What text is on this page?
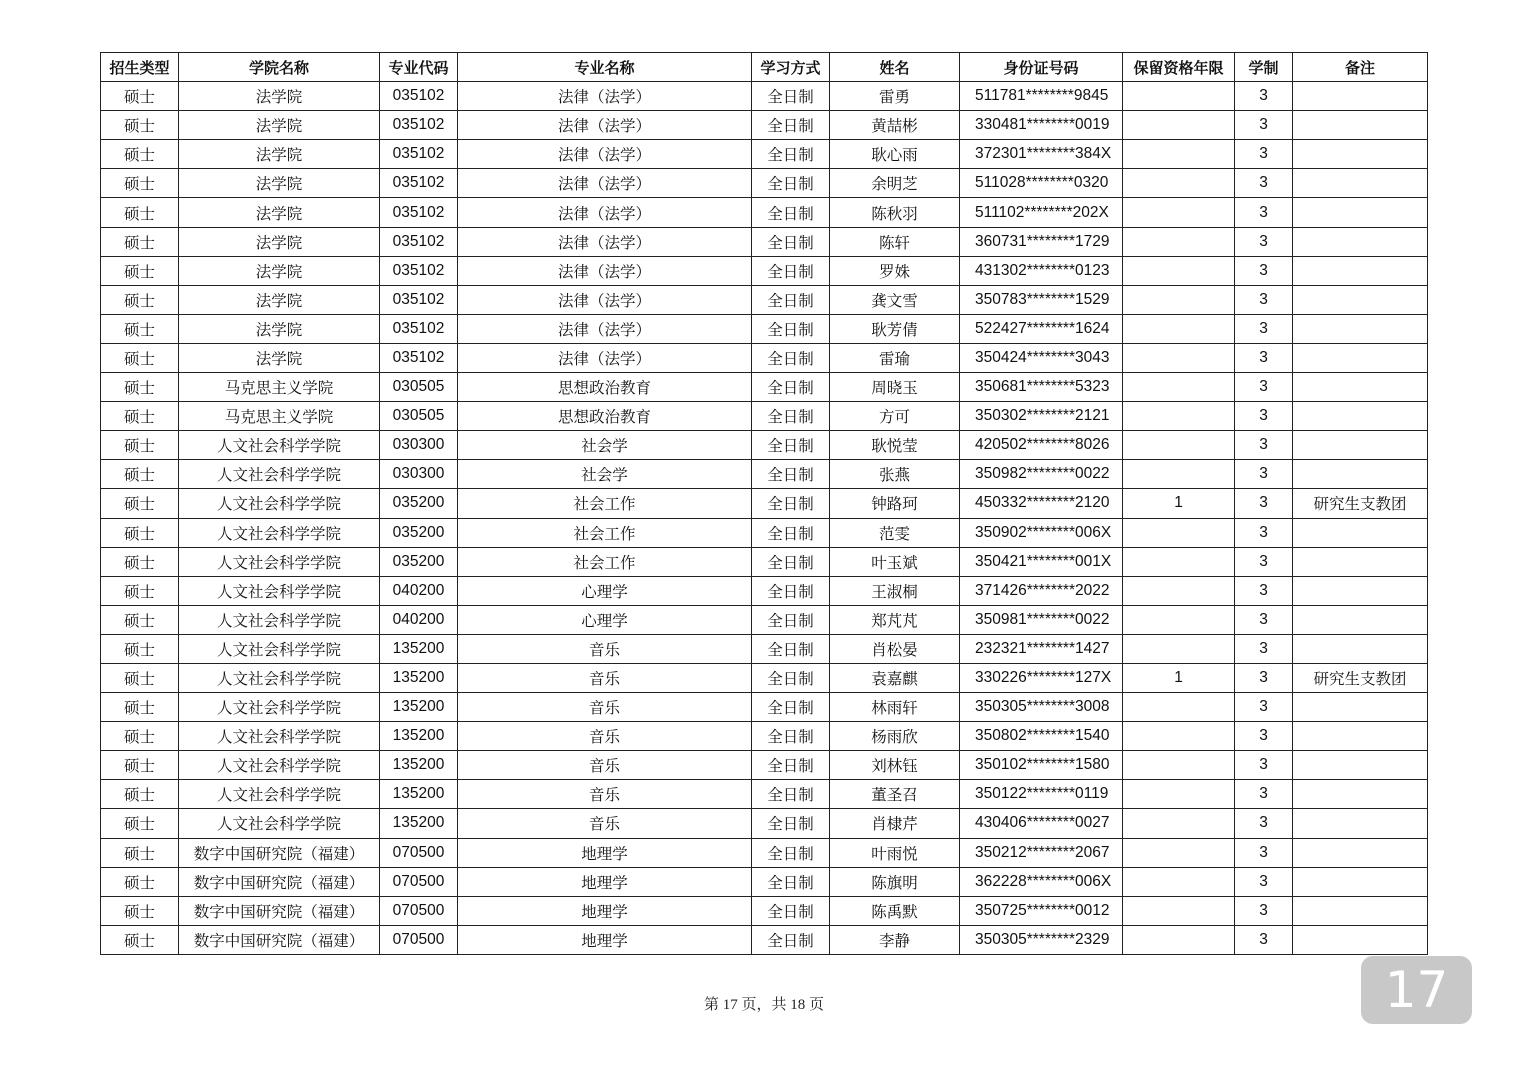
招生类型	学院名称	专业代码	专业名称	学习方式	姓名	身份证号码	保留资格年限	学制	备注
硕士	法学院	035102	法律（法学）	全日制	雷勇	511781********9845		3	
硕士	法学院	035102	法律（法学）	全日制	黄喆彬	330481********0019		3	
硕士	法学院	035102	法律（法学）	全日制	耿心雨	372301********384X		3	
硕士	法学院	035102	法律（法学）	全日制	余明芝	511028********0320		3	
硕士	法学院	035102	法律（法学）	全日制	陈秋羽	511102********202X		3	
硕士	法学院	035102	法律（法学）	全日制	陈轩	360731********1729		3	
硕士	法学院	035102	法律（法学）	全日制	罗姝	431302********0123		3	
硕士	法学院	035102	法律（法学）	全日制	龚文雪	350783********1529		3	
硕士	法学院	035102	法律（法学）	全日制	耿芳倩	522427********1624		3	
硕士	法学院	035102	法律（法学）	全日制	雷瑜	350424********3043		3	
硕士	马克思主义学院	030505	思想政治教育	全日制	周晓玉	350681********5323		3	
硕士	马克思主义学院	030505	思想政治教育	全日制	方可	350302********2121		3	
硕士	人文社会科学学院	030300	社会学	全日制	耿悦莹	420502********8026		3	
硕士	人文社会科学学院	030300	社会学	全日制	张燕	350982********0022		3	
硕士	人文社会科学学院	035200	社会工作	全日制	钟路珂	450332********2120	1	3	研究生支教团
硕士	人文社会科学学院	035200	社会工作	全日制	范雯	350902********006X		3	
硕士	人文社会科学学院	035200	社会工作	全日制	叶玉斌	350421********001X		3	
硕士	人文社会科学学院	040200	心理学	全日制	王淑桐	371426********2022		3	
硕士	人文社会科学学院	040200	心理学	全日制	郑芃芃	350981********0022		3	
硕士	人文社会科学学院	135200	音乐	全日制	肖松晏	232321********1427		3	
硕士	人文社会科学学院	135200	音乐	全日制	袁嘉麒	330226********127X	1	3	研究生支教团
硕士	人文社会科学学院	135200	音乐	全日制	林雨轩	350305********3008		3	
硕士	人文社会科学学院	135200	音乐	全日制	杨雨欣	350802********1540		3	
硕士	人文社会科学学院	135200	音乐	全日制	刘林钰	350102********1580		3	
硕士	人文社会科学学院	135200	音乐	全日制	董圣召	350122********0119		3	
硕士	人文社会科学学院	135200	音乐	全日制	肖棣芹	430406********0027		3	
硕士	数字中国研究院（福建）	070500	地理学	全日制	叶雨悦	350212********2067		3	
硕士	数字中国研究院（福建）	070500	地理学	全日制	陈旗明	362228********006X		3	
硕士	数字中国研究院（福建）	070500	地理学	全日制	陈禹默	350725********0012		3	
硕士	数字中国研究院（福建）	070500	地理学	全日制	李静	350305********2329		3	
第 17 页，共 18 页	17
